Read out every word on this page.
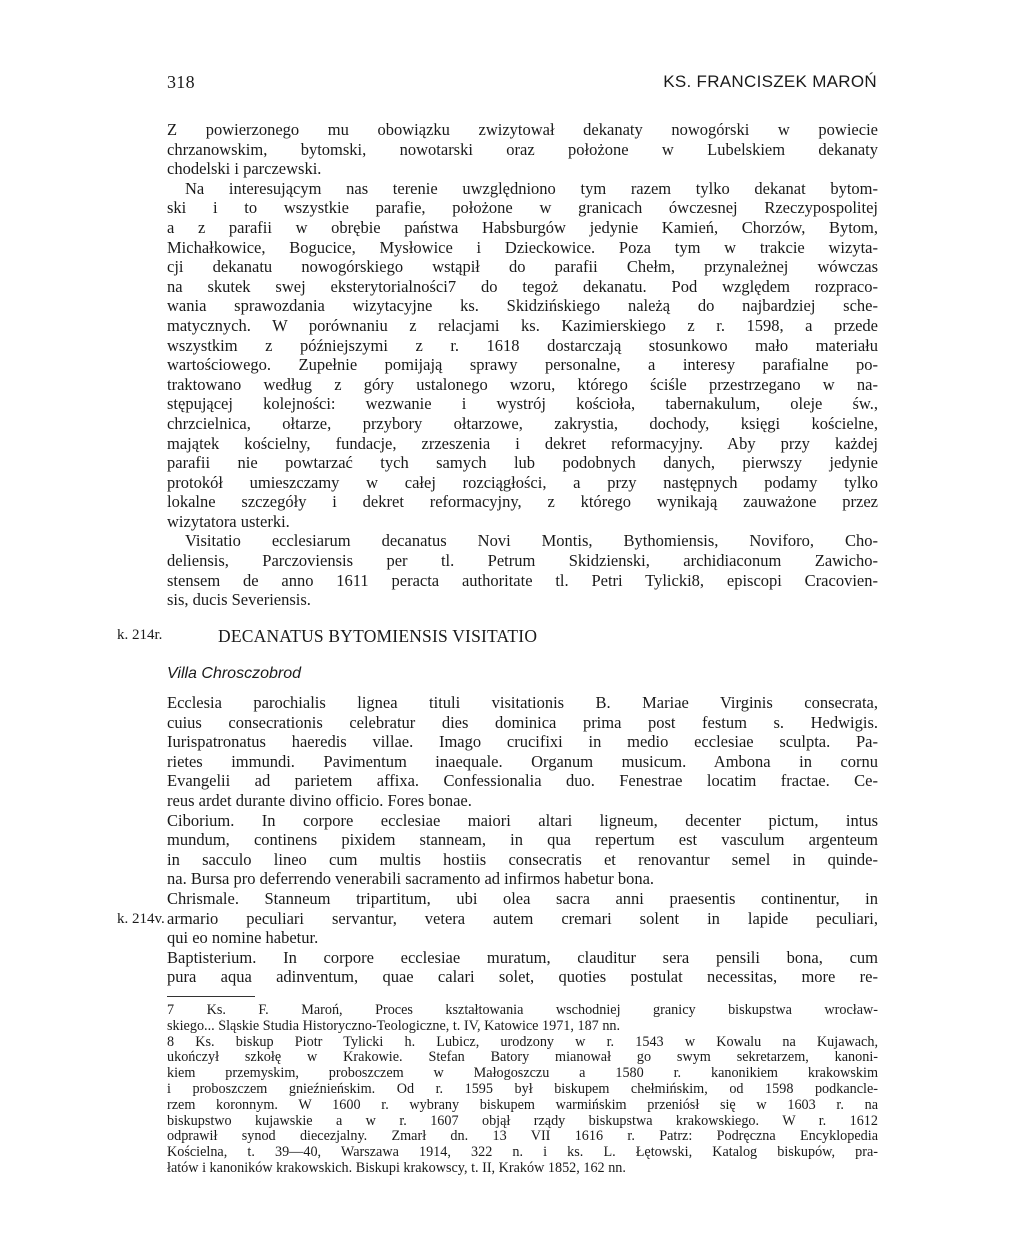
318	KS. FRANCISZEK MAROŃ
Z powierzonego mu obowiązku zwizytował dekanaty nowogórski w powiecie
chrzanowskim, bytomski, nowotarski oraz położone w Lubelskiem dekanaty
chodelski i parczewski.
Na interesującym nas terenie uwzględniono tym razem tylko dekanat bytom-
ski i to wszystkie parafie, położone w granicach ówczesnej Rzeczypospolitej
a z parafii w obrębie państwa Habsburgów jedynie Kamień, Chorzów, Bytom,
Michałkowice, Bogucice, Mysłowice i Dzieckowice. Poza tym w trakcie wizyta-
cji dekanatu nowogórskiego wstąpił do parafii Chełm, przynależnej wówczas
na skutek swej eksterytorialności7 do tegoż dekanatu. Pod względem rozpraco-
wania sprawozdania wizytacyjne ks. Skidzińskiego należą do najbardziej sche-
matycznych. W porównaniu z relacjami ks. Kazimierskiego z r. 1598, a przede
wszystkim z późniejszymi z r. 1618 dostarczają stosunkowo mało materiału
wartościowego. Zupełnie pomijają sprawy personalne, a interesy parafialne po-
traktowano według z góry ustalonego wzoru, którego ściśle przestrzegano w na-
stępującej kolejności: wezwanie i wystrój kościoła, tabernakulum, oleje św.,
chrzcielnica, ołtarze, przybory ołtarzowe, zakrystia, dochody, księgi kościelne,
majątek kościelny, fundacje, zrzeszenia i dekret reformacyjny. Aby przy każdej
parafii nie powtarzać tych samych lub podobnych danych, pierwszy jedynie
protokół umieszczamy w całej rozciągłości, a przy następnych podamy tylko
lokalne szczegóły i dekret reformacyjny, z którego wynikają zauważone przez
wizytatora usterki.
Visitatio ecclesiarum decanatus Novi Montis, Bythomiensis, Noviforo, Cho-
deliensis, Parczoviensis per tl. Petrum Skidzienski, archidiaconum Zawicho-
stensem de anno 1611 peracta authoritate tl. Petri Tylicki8, episcopi Cracovien-
sis, ducis Severiensis.
k. 214r.	DECANATUS BYTOMIENSIS VISITATIO
Villa Chrosczobrod
Ecclesia parochialis lignea tituli visitationis B. Mariae Virginis consecrata,
cuius consecrationis celebratur dies dominica prima post festum s. Hedwigis.
Iurispatronatus haeredis villae. Imago crucifixi in medio ecclesiae sculpta. Pa-
rietes immundi. Pavimentum inaequale. Organum musicum. Ambona in cornu
Evangelii ad parietem affixa. Confessionalia duo. Fenestrae locatim fractae. Ce-
reus ardet durante divino officio. Fores bonae.
Ciborium. In corpore ecclesiae maiori altari ligneum, decenter pictum, intus
mundum, continens pixidem stanneam, in qua repertum est vasculum argenteum
in sacculo lineo cum multis hostiis consecratis et renovantur semel in quinde-
na. Bursa pro deferrendo venerabili sacramento ad infirmos habetur bona.
Chrismale. Stanneum tripartitum, ubi olea sacra anni praesentis continentur, in
armario peculiari servantur, vetera autem cremari solent in lapide peculiari,
qui eo nomine habetur.
Baptisterium. In corpore ecclesiae muratum, clauditur sera pensili bona, cum
pura aqua adinventum, quae calari solet, quoties postulat necessitas, more re-
k. 214v.
7 Ks. F. Maroń, Proces kształtowania wschodniej granicy biskupstwa wrocław-
skiego... Śląskie Studia Historyczno-Teologiczne, t. IV, Katowice 1971, 187 nn.
8 Ks. biskup Piotr Tylicki h. Lubicz, urodzony w r. 1543 w Kowalu na Kujawach,
ukończył szkołę w Krakowie. Stefan Batory mianował go swym sekretarzem, kanoni-
kiem przemyskim, proboszczem w Małogoszczu a 1580 r. kanonikiem krakowskim
i proboszczem gnieźnieńskim. Od r. 1595 był biskupem chełmińskim, od 1598 podkancle-
rzem koronnym. W 1600 r. wybrany biskupem warmińskim przeniósł się w 1603 r. na
biskupstwo kujawskie a w r. 1607 objął rządy biskupstwa krakowskiego. W r. 1612
odprawił synod diecezjalny. Zmarł dn. 13 VII 1616 r. Patrz: Podręczna Encyklopedia
Kościelna, t. 39—40, Warszawa 1914, 322 n. i ks. L. Łętowski, Katalog biskupów, pra-
łatów i kanoników krakowskich. Biskupi krakowscy, t. II, Kraków 1852, 162 nn.
